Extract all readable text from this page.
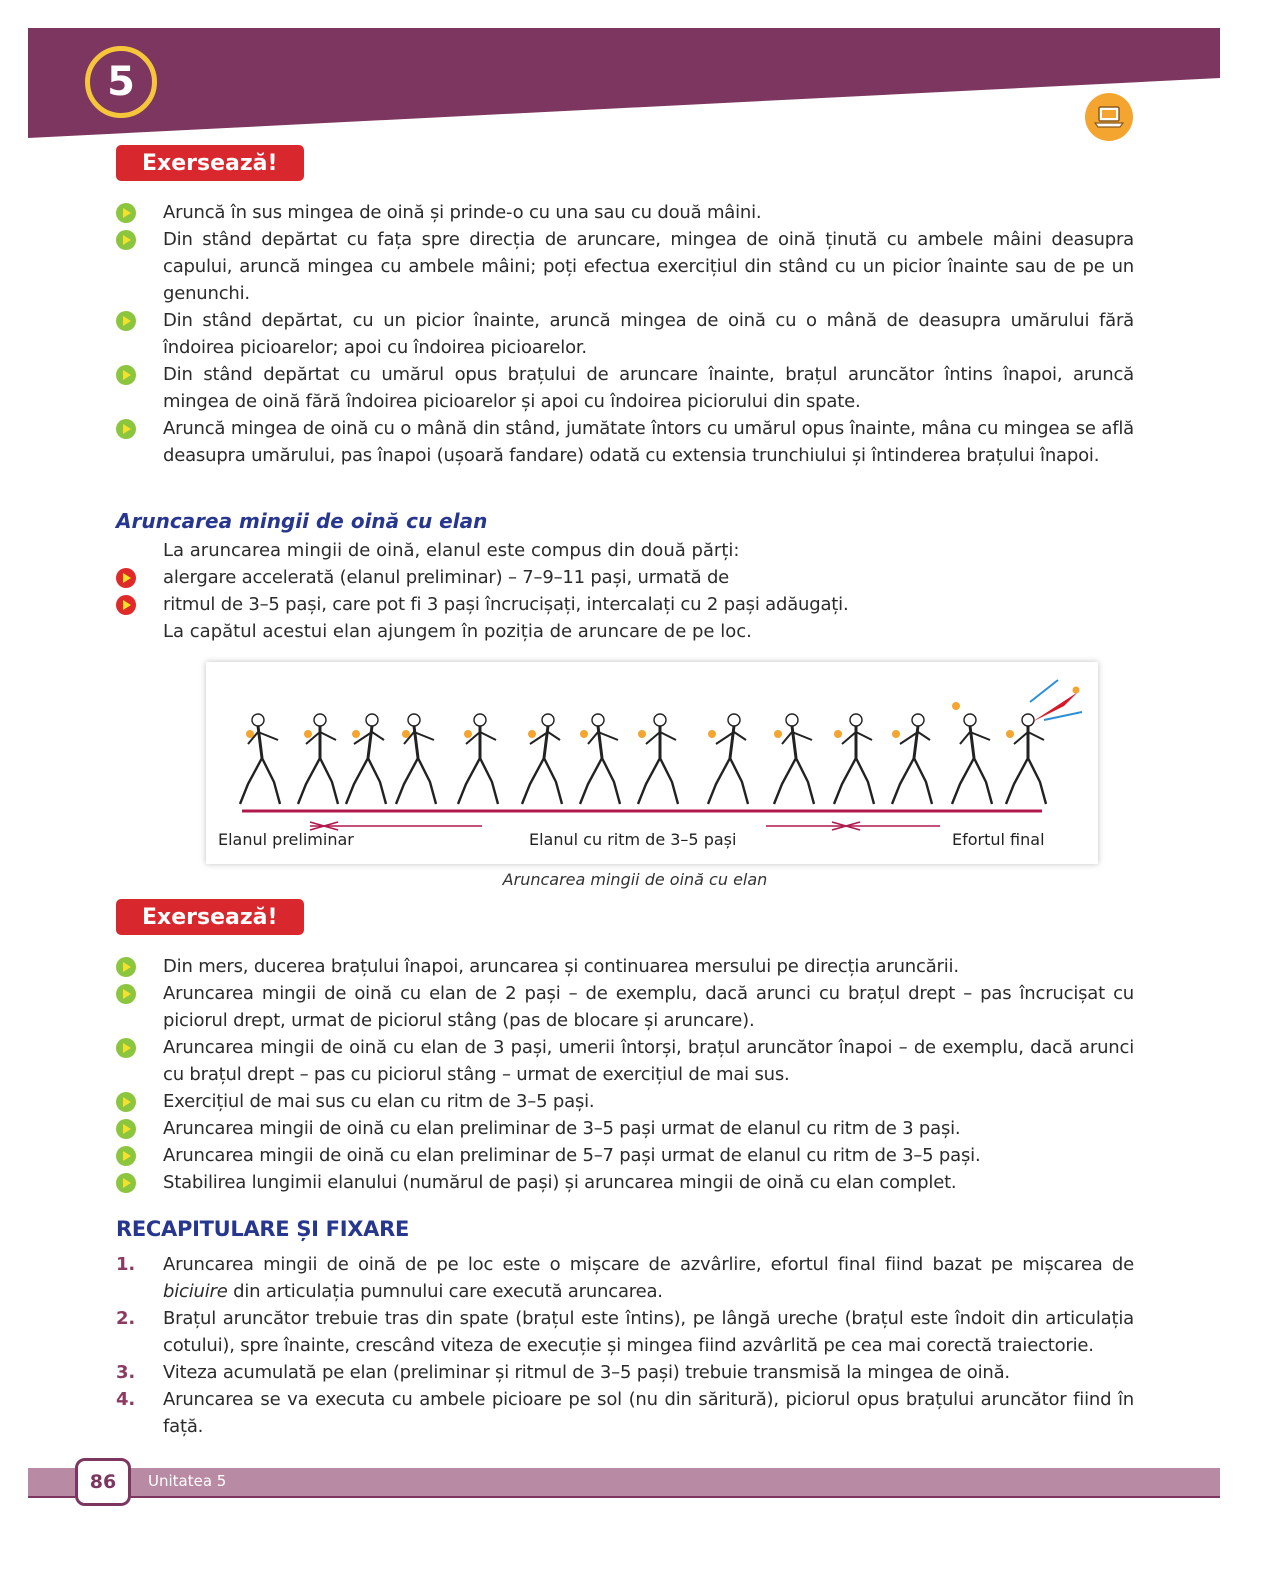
5
Exersează!
Aruncă în sus mingea de oină și prinde-o cu una sau cu două mâini.
Din stând depărtat cu fața spre direcția de aruncare, mingea de oină ținută cu ambele mâini deasupra capului, aruncă mingea cu ambele mâini; poți efectua exercițiul din stând cu un picior înainte sau de pe un genunchi.
Din stând depărtat, cu un picior înainte, aruncă mingea de oină cu o mână de deasupra umărului fără îndoirea picioarelor; apoi cu îndoirea picioarelor.
Din stând depărtat cu umărul opus brațului de aruncare înainte, brațul aruncător întins înapoi, aruncă mingea de oină fără îndoirea picioarelor și apoi cu îndoirea piciorului din spate.
Aruncă mingea de oină cu o mână din stând, jumătate întors cu umărul opus înainte, mâna cu mingea se află deasupra umărului, pas înapoi (ușoară fandare) odată cu extensia trunchiului și întinderea brațului înapoi.
Aruncarea mingii de oină cu elan
La aruncarea mingii de oină, elanul este compus din două părți:
alergare accelerată (elanul preliminar) – 7–9–11 pași, urmată de
ritmul de 3–5 pași, care pot fi 3 pași încrucișați, intercalați cu 2 pași adăugați.
La capătul acestui elan ajungem în poziția de aruncare de pe loc.
Elanul preliminar	Elanul cu ritm de 3–5 pași	Efortul final
Aruncarea mingii de oină cu elan
Exersează!
Din mers, ducerea brațului înapoi, aruncarea și continuarea mersului pe direcția aruncării.
Aruncarea mingii de oină cu elan de 2 pași – de exemplu, dacă arunci cu brațul drept – pas încrucișat cu piciorul drept, urmat de piciorul stâng (pas de blocare și aruncare).
Aruncarea mingii de oină cu elan de 3 pași, umerii întorși, brațul aruncător înapoi – de exemplu, dacă arunci cu brațul drept – pas cu piciorul stâng – urmat de exercițiul de mai sus.
Exercițiul de mai sus cu elan cu ritm de 3–5 pași.
Aruncarea mingii de oină cu elan preliminar de 3–5 pași urmat de elanul cu ritm de 3 pași.
Aruncarea mingii de oină cu elan preliminar de 5–7 pași urmat de elanul cu ritm de 3–5 pași.
Stabilirea lungimii elanului (numărul de pași) și aruncarea mingii de oină cu elan complet.
RECAPITULARE ȘI FIXARE
1. Aruncarea mingii de oină de pe loc este o mișcare de azvârlire, efortul final fiind bazat pe mișcarea de biciuire din articulația pumnului care execută aruncarea.
2. Brațul aruncător trebuie tras din spate (brațul este întins), pe lângă ureche (brațul este îndoit din articulația cotului), spre înainte, crescând viteza de execuție și mingea fiind azvârlită pe cea mai corectă traiectorie.
3. Viteza acumulată pe elan (preliminar și ritmul de 3–5 pași) trebuie transmisă la mingea de oină.
4. Aruncarea se va executa cu ambele picioare pe sol (nu din săritură), piciorul opus brațului aruncător fiind în față.
86 Unitatea 5
